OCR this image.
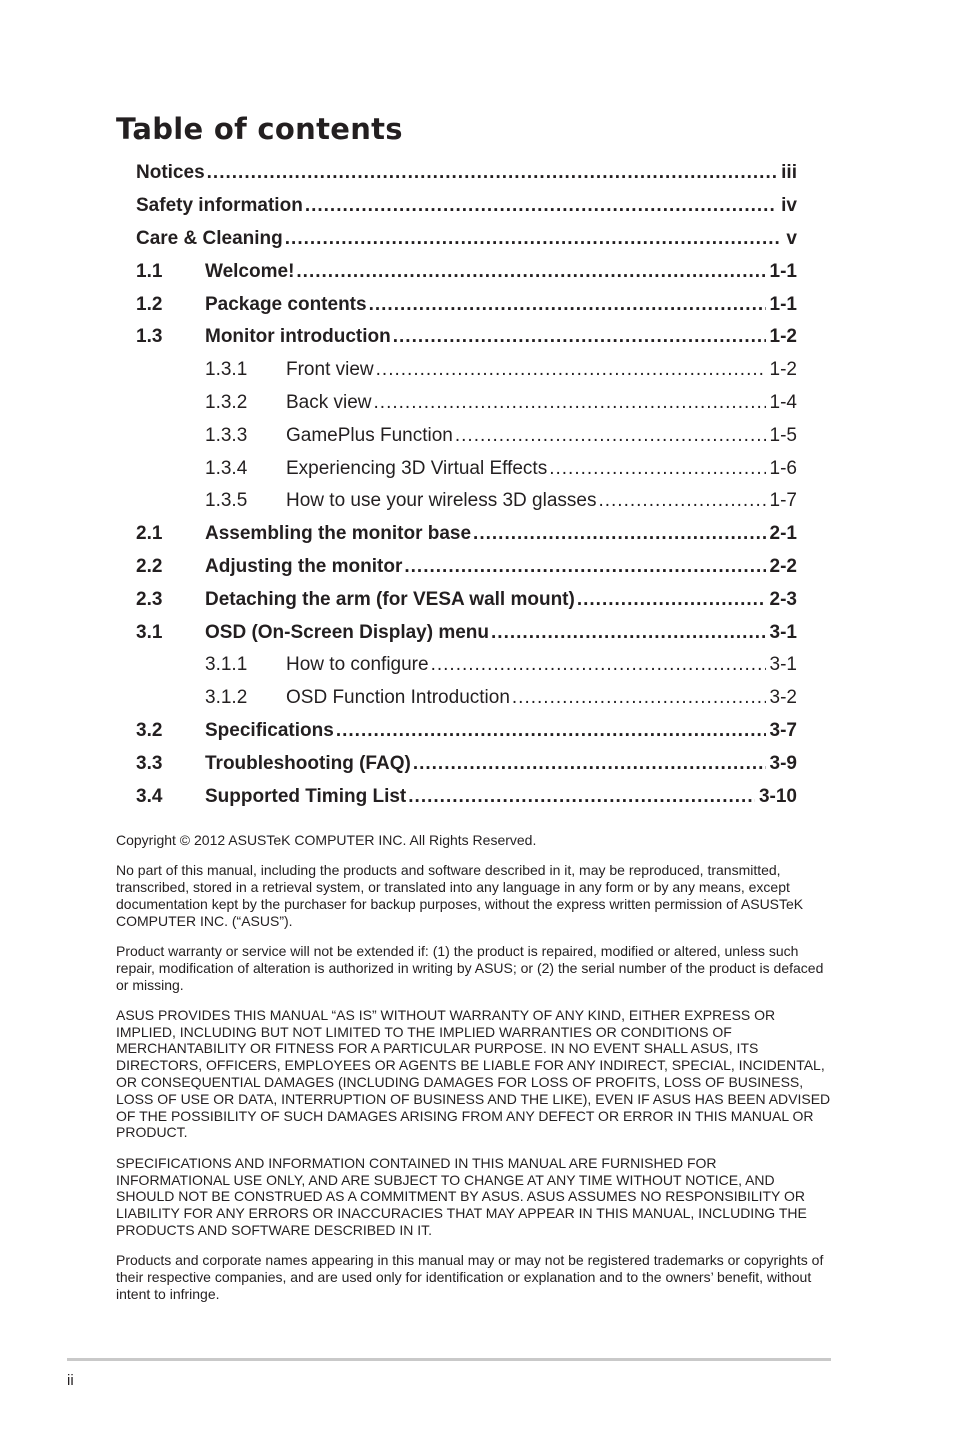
Table of contents
Notices .....	iii
Safety information .....	iv
Care & Cleaning .....	v
1.1	Welcome! .....	1-1
1.2	Package contents .....	1-1
1.3	Monitor introduction .....	1-2
1.3.1	Front view .....	1-2
1.3.2	Back view .....	1-4
1.3.3	GamePlus Function .....	1-5
1.3.4	Experiencing 3D Virtual Effects .....	1-6
1.3.5	How to use your wireless 3D glasses .....	1-7
2.1	Assembling the monitor base .....	2-1
2.2	Adjusting the monitor .....	2-2
2.3	Detaching the arm (for VESA wall mount) .....	2-3
3.1	OSD (On-Screen Display) menu .....	3-1
3.1.1	How to configure .....	3-1
3.1.2	OSD Function Introduction .....	3-2
3.2	Specifications .....	3-7
3.3	Troubleshooting (FAQ) .....	3-9
3.4	Supported Timing List .....	3-10

Copyright © 2012 ASUSTeK COMPUTER INC. All Rights Reserved.

No part of this manual, including the products and software described in it, may be reproduced, transmitted, transcribed, stored in a retrieval system, or translated into any language in any form or by any means, except documentation kept by the purchaser for backup purposes, without the express written permission of ASUSTeK COMPUTER INC. (“ASUS”).

Product warranty or service will not be extended if: (1) the product is repaired, modified or altered, unless such repair, modification of alteration is authorized in writing by ASUS; or (2) the serial number of the product is defaced or missing.

ASUS PROVIDES THIS MANUAL “AS IS” WITHOUT WARRANTY OF ANY KIND, EITHER EXPRESS OR IMPLIED, INCLUDING BUT NOT LIMITED TO THE IMPLIED WARRANTIES OR CONDITIONS OF MERCHANTABILITY OR FITNESS FOR A PARTICULAR PURPOSE. IN NO EVENT SHALL ASUS, ITS DIRECTORS, OFFICERS, EMPLOYEES OR AGENTS BE LIABLE FOR ANY INDIRECT, SPECIAL, INCIDENTAL, OR CONSEQUENTIAL DAMAGES (INCLUDING DAMAGES FOR LOSS OF PROFITS, LOSS OF BUSINESS, LOSS OF USE OR DATA, INTERRUPTION OF BUSINESS AND THE LIKE), EVEN IF ASUS HAS BEEN ADVISED OF THE POSSIBILITY OF SUCH DAMAGES ARISING FROM ANY DEFECT OR ERROR IN THIS MANUAL OR PRODUCT.

SPECIFICATIONS AND INFORMATION CONTAINED IN THIS MANUAL ARE FURNISHED FOR INFORMATIONAL USE ONLY, AND ARE SUBJECT TO CHANGE AT ANY TIME WITHOUT NOTICE, AND SHOULD NOT BE CONSTRUED AS A COMMITMENT BY ASUS. ASUS ASSUMES NO RESPONSIBILITY OR LIABILITY FOR ANY ERRORS OR INACCURACIES THAT MAY APPEAR IN THIS MANUAL, INCLUDING THE PRODUCTS AND SOFTWARE DESCRIBED IN IT.

Products and corporate names appearing in this manual may or may not be registered trademarks or copyrights of their respective companies, and are used only for identification or explanation and to the owners’ benefit, without intent to infringe.

ii
